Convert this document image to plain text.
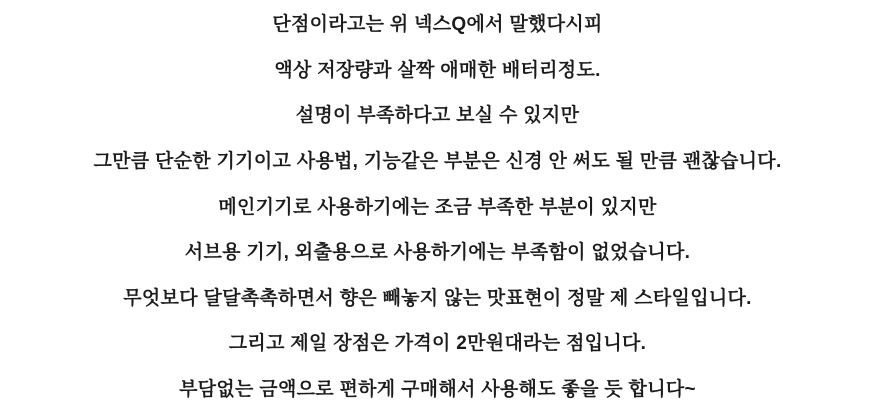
단점이라고는 위 넥스Q에서 말했다시피
액상 저장량과 살짝 애매한 배터리정도.
설명이 부족하다고 보실 수 있지만
그만큼 단순한 기기이고 사용법, 기능같은 부분은 신경 안 써도 될 만큼 괜찮습니다.
메인기기로 사용하기에는 조금 부족한 부분이 있지만
서브용 기기, 외출용으로 사용하기에는 부족함이 없었습니다.
무엇보다 달달촉촉하면서 향은 빼놓지 않는 맛표현이 정말 제 스타일입니다.
그리고 제일 장점은 가격이 2만원대라는 점입니다.
부담없는 금액으로 편하게 구매해서 사용해도 좋을 듯 합니다~
